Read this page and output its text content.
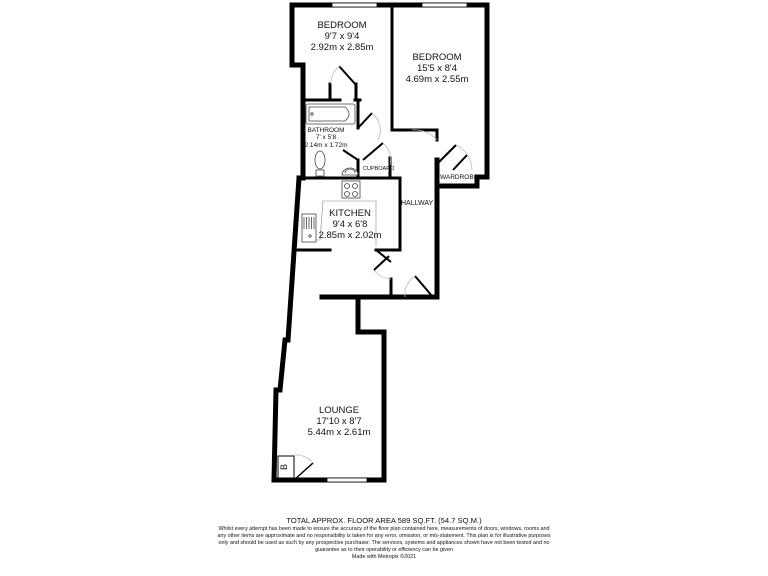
BEDROOM
9'7 x 9'4
2.92m x 2.85m
BEDROOM
15'5 x 8'4
4.69m x 2.55m
BATHROOM
7' x 5'8
2.14m x 1.72m
KITCHEN
9'4 x 6'8
2.85m x 2.02m
LOUNGE
17'10 x 8'7
5.44m x 2.61m
CUPBOARD
WARDROBE
HALLWAY
B
TOTAL APPROX. FLOOR AREA 589 SQ.FT. (54.7 SQ.M.)
Whilst every attempt has been made to ensure the accuracy of the floor plan contained here, measurements of doors, windows, rooms and any other items are approximate and no responsibility is taken for any error, omission, or mis-statement. This plan is for illustrative purposes only and should be used as such by any prospective purchaser. The services, systems and appliances shown have not been tested and no guarantee as to their operability or efficiency can be given
Made with Metropix ©2021
